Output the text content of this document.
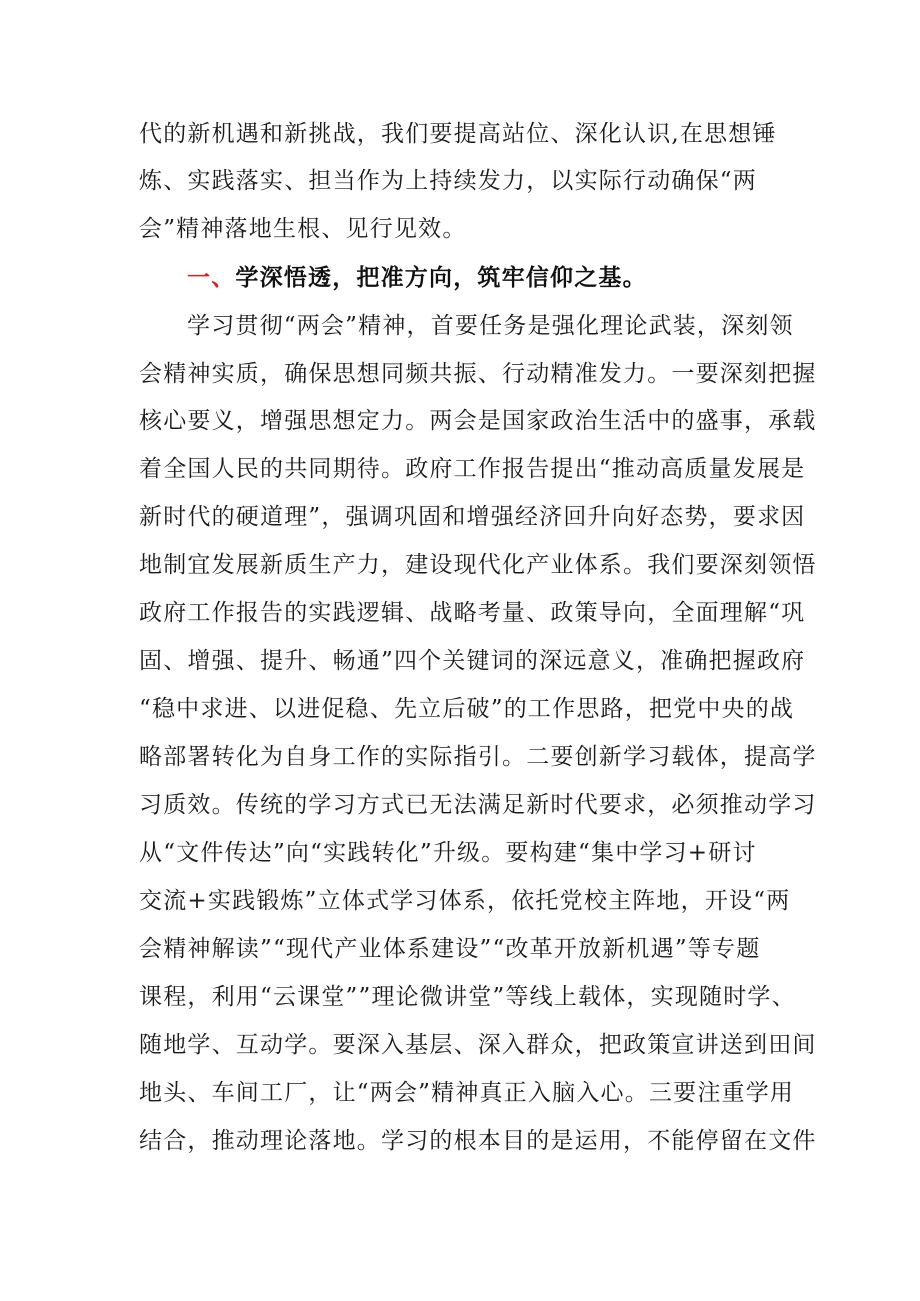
代的新机遇和新挑战，我们要提高站位、深化认识,在思想锤
炼、实践落实、担当作为上持续发力，以实际行动确保“两
会”精神落地生根、见行见效。
一、学深悟透，把准方向，筑牢信仰之基。
学习贯彻“两会”精神，首要任务是强化理论武装，深刻领
会精神实质，确保思想同频共振、行动精准发力。一要深刻把握
核心要义，增强思想定力。两会是国家政治生活中的盛事，承载
着全国人民的共同期待。政府工作报告提出“推动高质量发展是
新时代的硬道理”，强调巩固和增强经济回升向好态势，要求因
地制宜发展新质生产力，建设现代化产业体系。我们要深刻领悟
政府工作报告的实践逻辑、战略考量、政策导向，全面理解“巩
固、增强、提升、畅通”四个关键词的深远意义，准确把握政府
“稳中求进、以进促稳、先立后破”的工作思路，把党中央的战
略部署转化为自身工作的实际指引。二要创新学习载体，提高学
习质效。传统的学习方式已无法满足新时代要求，必须推动学习
从“文件传达”向“实践转化”升级。要构建“集中学习+研讨
交流+实践锻炼”立体式学习体系，依托党校主阵地，开设“两
会精神解读”“现代产业体系建设”“改革开放新机遇”等专题
课程，利用“云课堂””理论微讲堂”等线上载体，实现随时学、
随地学、互动学。要深入基层、深入群众，把政策宣讲送到田间
地头、车间工厂，让“两会”精神真正入脑入心。三要注重学用
结合，推动理论落地。学习的根本目的是运用，不能停留在文件
